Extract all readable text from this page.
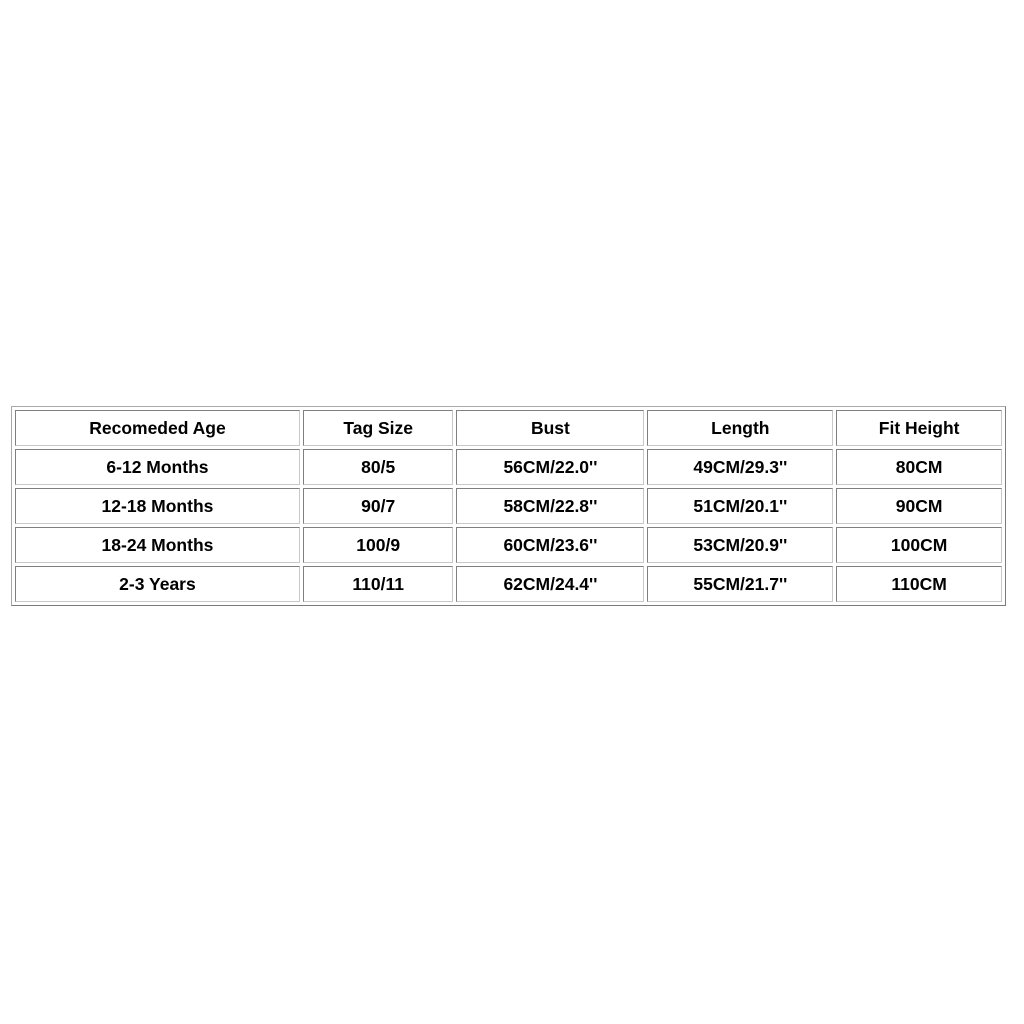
Recomeded Age	Tag Size	Bust	Length	Fit Height
6-12 Months	80/5	56CM/22.0''	49CM/29.3''	80CM
12-18 Months	90/7	58CM/22.8''	51CM/20.1''	90CM
18-24 Months	100/9	60CM/23.6''	53CM/20.9''	100CM
2-3 Years	110/11	62CM/24.4''	55CM/21.7''	110CM
